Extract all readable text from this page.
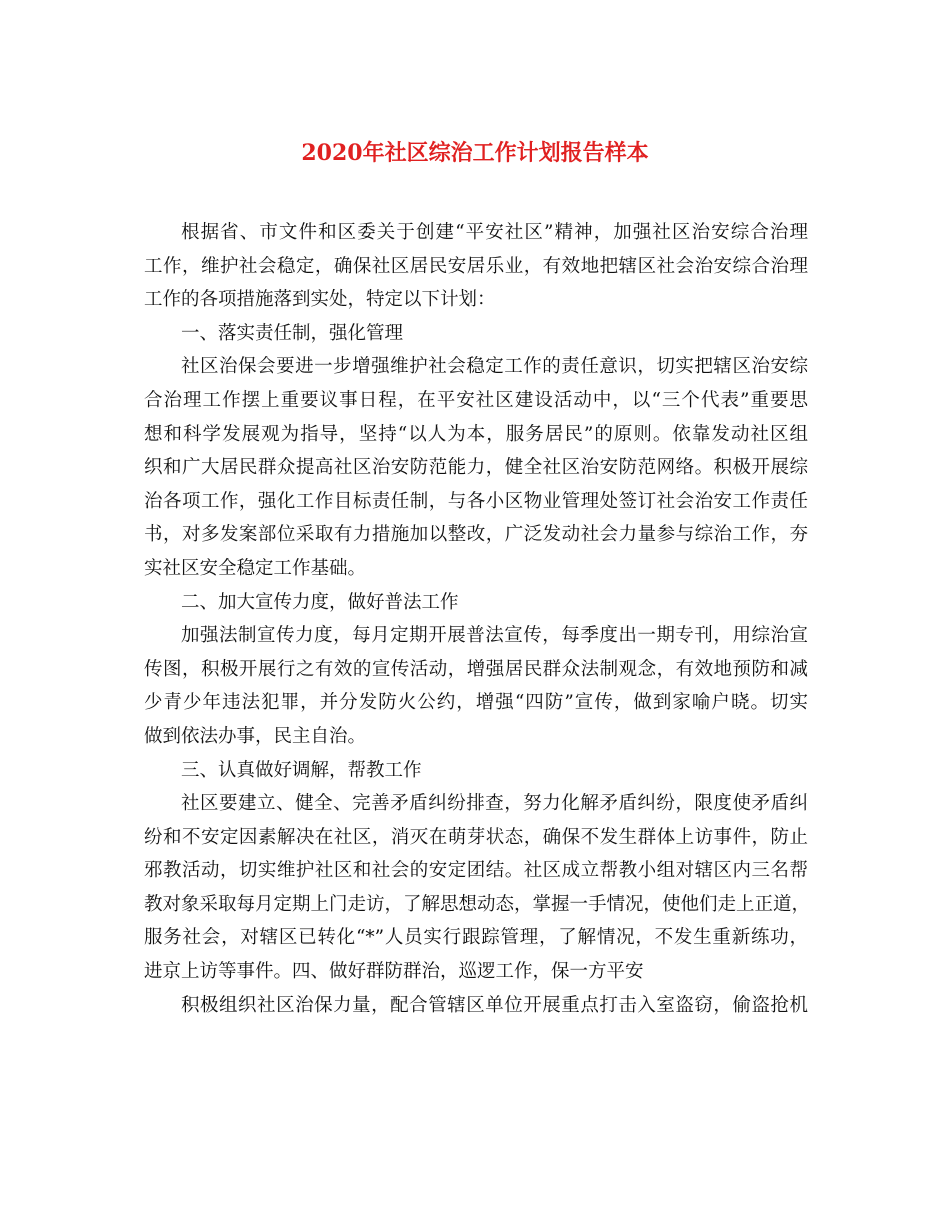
2020年社区综治工作计划报告样本
根据省、市文件和区委关于创建“平安社区”精神，加强社区治安综合治理
工作，维护社会稳定，确保社区居民安居乐业，有效地把辖区社会治安综合治理
工作的各项措施落到实处，特定以下计划：
一、落实责任制，强化管理
社区治保会要进一步增强维护社会稳定工作的责任意识，切实把辖区治安综
合治理工作摆上重要议事日程，在平安社区建设活动中，以“三个代表”重要思
想和科学发展观为指导，坚持“以人为本，服务居民”的原则。依靠发动社区组
织和广大居民群众提高社区治安防范能力，健全社区治安防范网络。积极开展综
治各项工作，强化工作目标责任制，与各小区物业管理处签订社会治安工作责任
书，对多发案部位采取有力措施加以整改，广泛发动社会力量参与综治工作，夯
实社区安全稳定工作基础。
二、加大宣传力度，做好普法工作
加强法制宣传力度，每月定期开展普法宣传，每季度出一期专刊，用综治宣
传图，积极开展行之有效的宣传活动，增强居民群众法制观念，有效地预防和减
少青少年违法犯罪，并分发防火公约，增强“四防”宣传，做到家喻户晓。切实
做到依法办事，民主自治。
三、认真做好调解，帮教工作
社区要建立、健全、完善矛盾纠纷排查，努力化解矛盾纠纷，限度使矛盾纠
纷和不安定因素解决在社区，消灭在萌芽状态，确保不发生群体上访事件，防止
邪教活动，切实维护社区和社会的安定团结。社区成立帮教小组对辖区内三名帮
教对象采取每月定期上门走访，了解思想动态，掌握一手情况，使他们走上正道，
服务社会，对辖区已转化“*”人员实行跟踪管理，了解情况，不发生重新练功，
进京上访等事件。四、做好群防群治，巡逻工作，保一方平安
积极组织社区治保力量，配合管辖区单位开展重点打击入室盗窃，偷盗抢机
